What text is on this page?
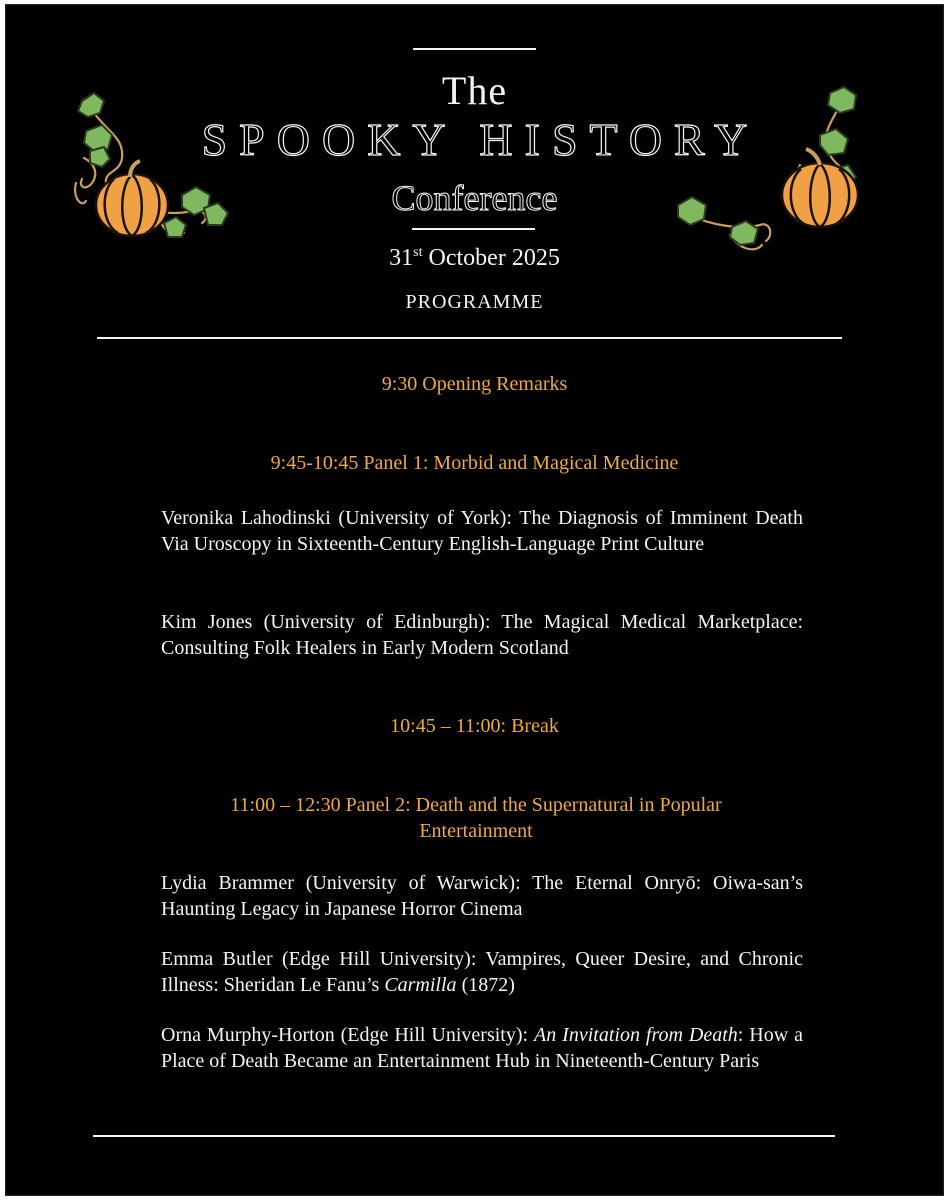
The
SPOOKY HISTORY
Conference
31st October 2025
PROGRAMME
9:30 Opening Remarks
9:45-10:45 Panel 1: Morbid and Magical Medicine
Veronika Lahodinski (University of York): The Diagnosis of Imminent Death Via Uroscopy in Sixteenth-Century English-Language Print Culture
Kim Jones (University of Edinburgh): The Magical Medical Marketplace: Consulting Folk Healers in Early Modern Scotland
10:45 – 11:00: Break
11:00 – 12:30 Panel 2: Death and the Supernatural in Popular Entertainment
Lydia Brammer (University of Warwick): The Eternal Onryō: Oiwa-san’s Haunting Legacy in Japanese Horror Cinema
Emma Butler (Edge Hill University): Vampires, Queer Desire, and Chronic Illness: Sheridan Le Fanu’s Carmilla (1872)
Orna Murphy-Horton (Edge Hill University): An Invitation from Death: How a Place of Death Became an Entertainment Hub in Nineteenth-Century Paris
